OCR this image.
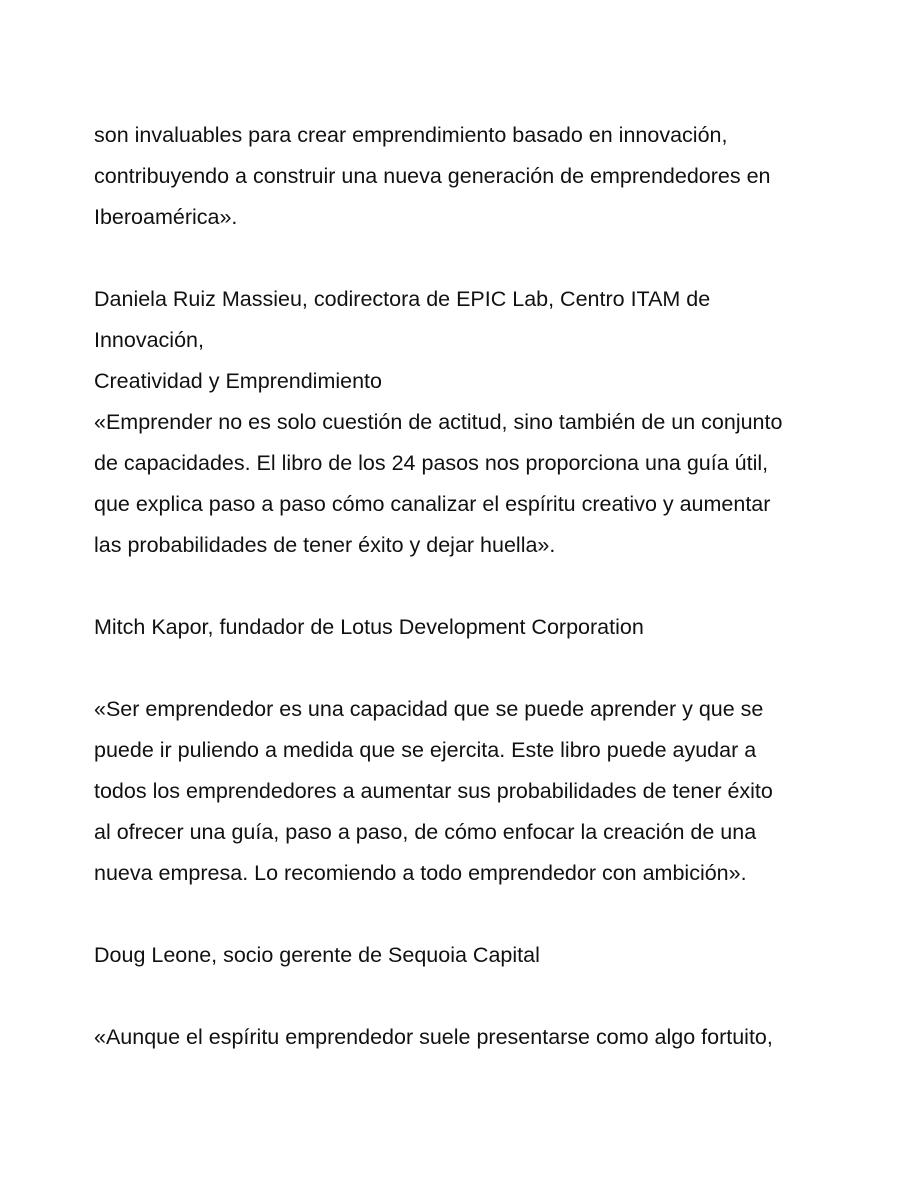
son invaluables para crear emprendimiento basado en innovación,

contribuyendo a construir una nueva generación de emprendedores en

Iberoamérica».

Daniela Ruiz Massieu, codirectora de EPIC Lab, Centro ITAM de

Innovación,

Creatividad y Emprendimiento

«Emprender no es solo cuestión de actitud, sino también de un conjunto

de capacidades. El libro de los 24 pasos nos proporciona una guía útil,

que explica paso a paso cómo canalizar el espíritu creativo y aumentar

las probabilidades de tener éxito y dejar huella».

Mitch Kapor, fundador de Lotus Development Corporation

«Ser emprendedor es una capacidad que se puede aprender y que se

puede ir puliendo a medida que se ejercita. Este libro puede ayudar a

todos los emprendedores a aumentar sus probabilidades de tener éxito

al ofrecer una guía, paso a paso, de cómo enfocar la creación de una

nueva empresa. Lo recomiendo a todo emprendedor con ambición».

Doug Leone, socio gerente de Sequoia Capital

«Aunque el espíritu emprendedor suele presentarse como algo fortuito,
